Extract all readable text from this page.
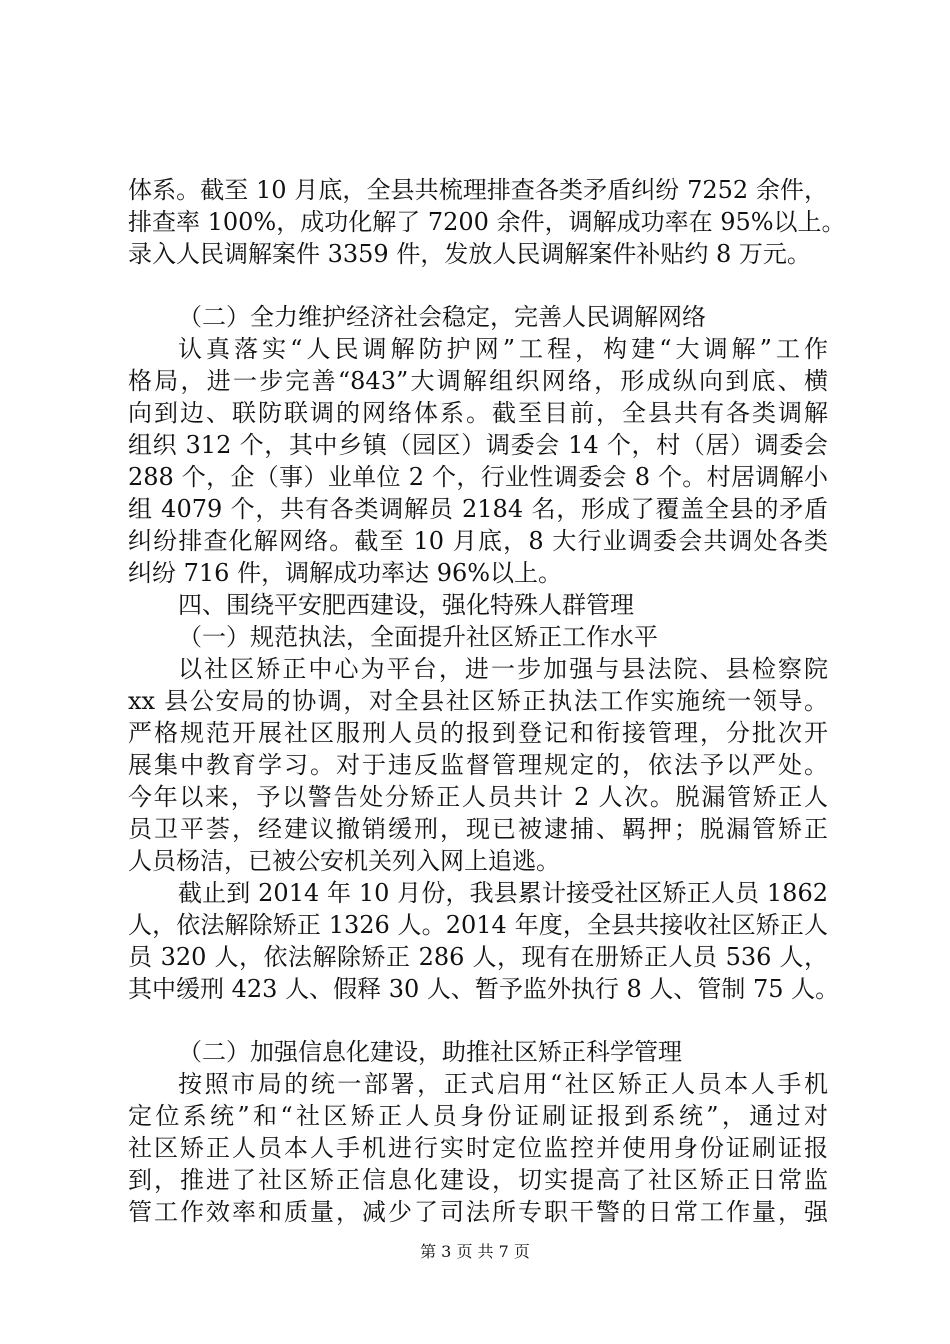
体系。截至 10 月底，全县共梳理排查各类矛盾纠纷 7252 余件，
排查率 100%，成功化解了 7200 余件，调解成功率在 95%以上。
录入人民调解案件 3359 件，发放人民调解案件补贴约 8 万元。
（二）全力维护经济社会稳定，完善人民调解网络
认真落实“人民调解防护网”工程，构建“大调解”工作
格局，进一步完善“843”大调解组织网络，形成纵向到底、横
向到边、联防联调的网络体系。截至目前，全县共有各类调解
组织 312 个，其中乡镇（园区）调委会 14 个，村（居）调委会
288 个，企（事）业单位 2 个，行业性调委会 8 个。村居调解小
组 4079 个，共有各类调解员 2184 名，形成了覆盖全县的矛盾
纠纷排查化解网络。截至 10 月底，8 大行业调委会共调处各类
纠纷 716 件，调解成功率达 96%以上。
四、围绕平安肥西建设，强化特殊人群管理
（一）规范执法，全面提升社区矫正工作水平
以社区矫正中心为平台，进一步加强与县法院、县检察院
xx 县公安局的协调，对全县社区矫正执法工作实施统一领导。
严格规范开展社区服刑人员的报到登记和衔接管理，分批次开
展集中教育学习。对于违反监督管理规定的，依法予以严处。
今年以来，予以警告处分矫正人员共计 2 人次。脱漏管矫正人
员卫平荟，经建议撤销缓刑，现已被逮捕、羁押；脱漏管矫正
人员杨洁，已被公安机关列入网上追逃。
截止到 2014 年 10 月份，我县累计接受社区矫正人员 1862
人，依法解除矫正 1326 人。2014 年度，全县共接收社区矫正人
员 320 人，依法解除矫正 286 人，现有在册矫正人员 536 人，
其中缓刑 423 人、假释 30 人、暂予监外执行 8 人、管制 75 人。
（二）加强信息化建设，助推社区矫正科学管理
按照市局的统一部署，正式启用“社区矫正人员本人手机
定位系统”和“社区矫正人员身份证刷证报到系统”，通过对
社区矫正人员本人手机进行实时定位监控并使用身份证刷证报
到，推进了社区矫正信息化建设，切实提高了社区矫正日常监
管工作效率和质量，减少了司法所专职干警的日常工作量，强
第 3 页 共 7 页
